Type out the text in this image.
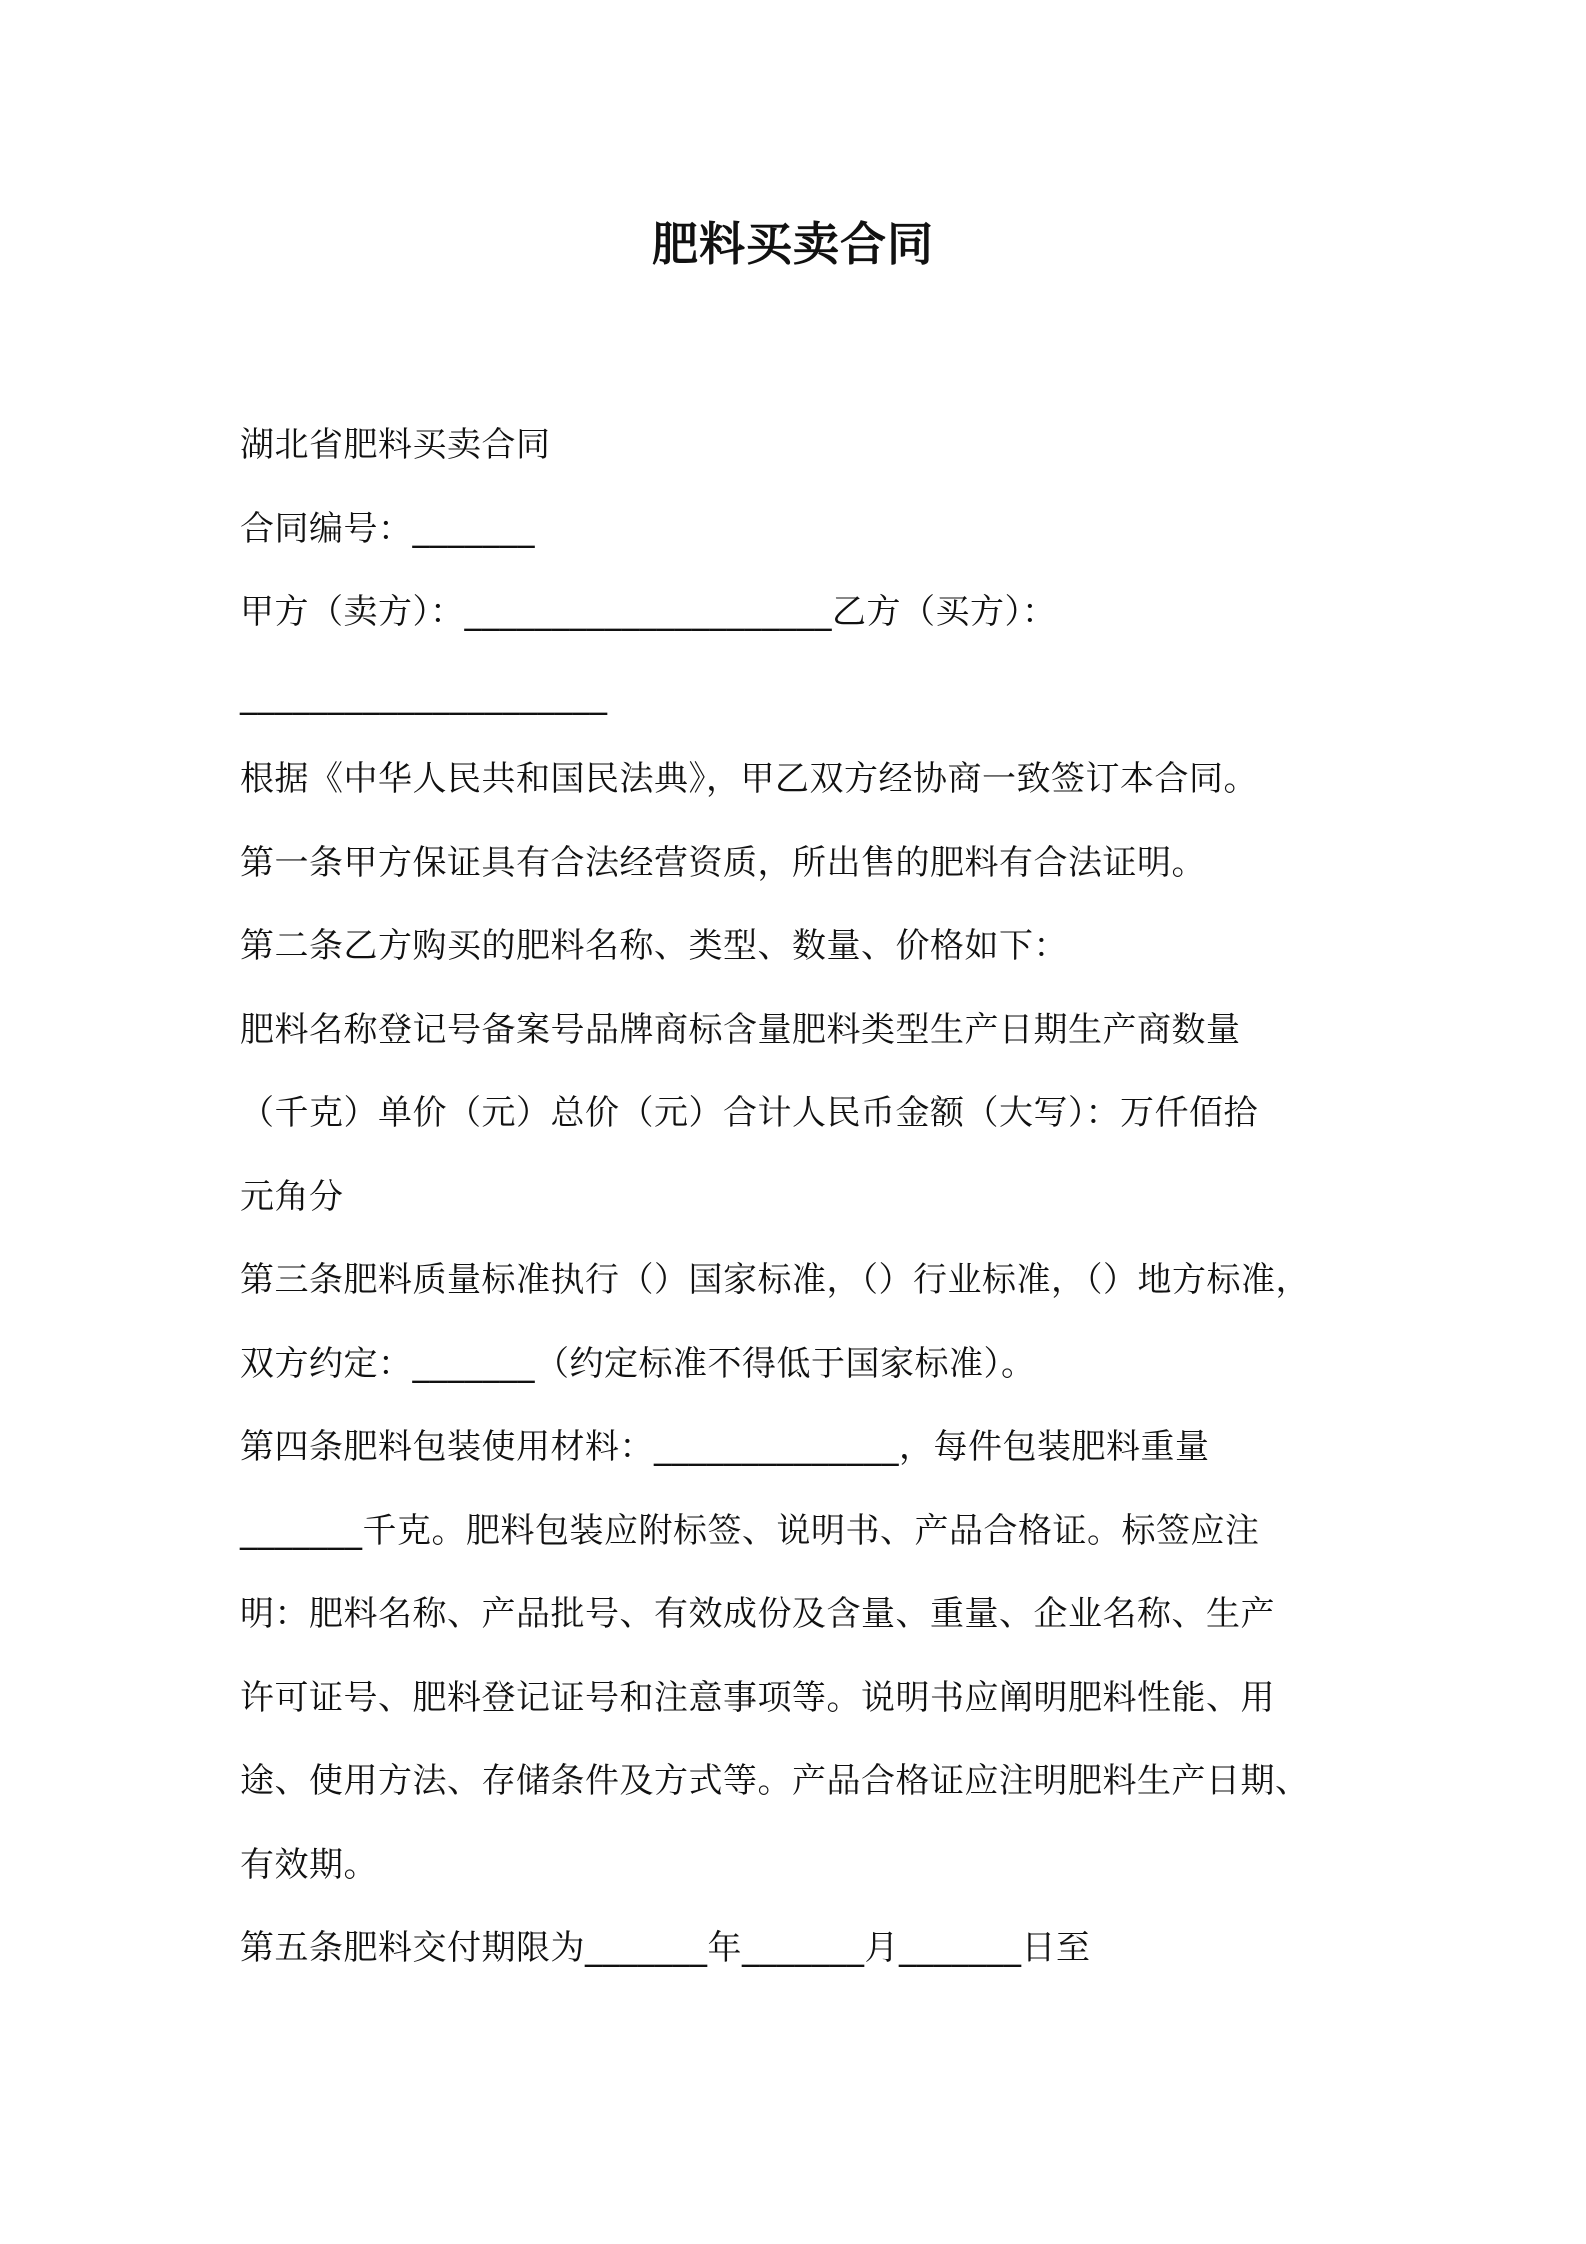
肥料买卖合同
湖北省肥料买卖合同
合同编号：_______
甲方（卖方）：_____________________乙方（买方）：
_____________________
根据《中华人民共和国民法典》，甲乙双方经协商一致签订本合同。
第一条甲方保证具有合法经营资质，所出售的肥料有合法证明。
第二条乙方购买的肥料名称、类型、数量、价格如下：
肥料名称登记号备案号品牌商标含量肥料类型生产日期生产商数量
（千克）单价（元）总价（元）合计人民币金额（大写）：万仟佰拾
元角分
第三条肥料质量标准执行（）国家标准，（）行业标准，（）地方标准，
双方约定：_______（约定标准不得低于国家标准）。
第四条肥料包装使用材料：______________，每件包装肥料重量
_______千克。肥料包装应附标签、说明书、产品合格证。标签应注
明：肥料名称、产品批号、有效成份及含量、重量、企业名称、生产
许可证号、肥料登记证号和注意事项等。说明书应阐明肥料性能、用
途、使用方法、存储条件及方式等。产品合格证应注明肥料生产日期、
有效期。
第五条肥料交付期限为_______年_______月_______日至
